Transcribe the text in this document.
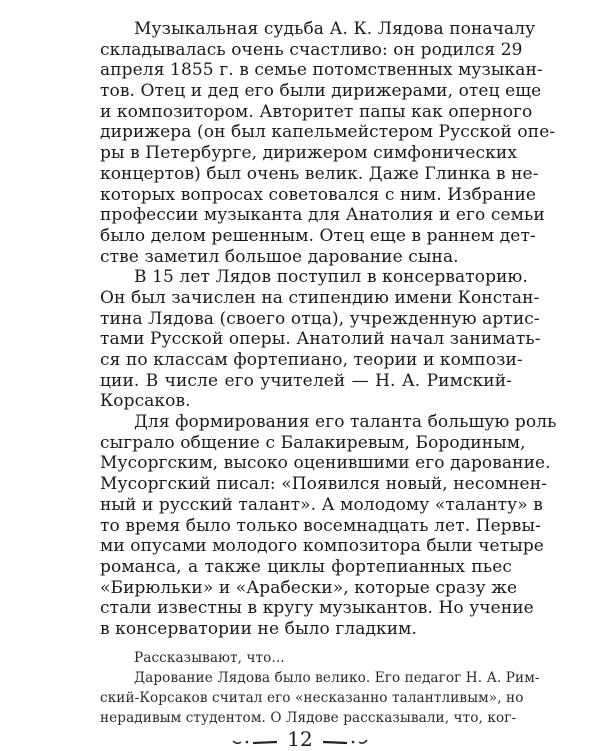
Музыкальная судьба А. К. Лядова поначалу
складывалась очень счастливо: он родился 29
апреля 1855 г. в семье потомственных музыкан-
тов. Отец и дед его были дирижерами, отец еще
и композитором. Авторитет папы как оперного
дирижера (он был капельмейстером Русской опе-
ры в Петербурге, дирижером симфонических
концертов) был очень велик. Даже Глинка в не-
которых вопросах советовался с ним. Избрание
профессии музыканта для Анатолия и его семьи
было делом решенным. Отец еще в раннем дет-
стве заметил большое дарование сына.
В 15 лет Лядов поступил в консерваторию.
Он был зачислен на стипендию имени Констан-
тина Лядова (своего отца), учрежденную артис-
тами Русской оперы. Анатолий начал занимать-
ся по классам фортепиано, теории и компози-
ции. В числе его учителей — Н. А. Римский-
Корсаков.
Для формирования его таланта большую роль
сыграло общение с Балакиревым, Бородиным,
Мусоргским, высоко оценившими его дарование.
Мусоргский писал: «Появился новый, несомнен-
ный и русский талант». А молодому «таланту» в
то время было только восемнадцать лет. Первы-
ми опусами молодого композитора были четыре
романса, а также циклы фортепианных пьес
«Бирюльки» и «Арабески», которые сразу же
стали известны в кругу музыкантов. Но учение
в консерватории не было гладким.
Рассказывают, что...
Дарование Лядова было велико. Его педагог Н. А. Рим-
ский-Корсаков считал его «несказанно талантливым», но
нерадивым студентом. О Лядове рассказывали, что, ког-
12
